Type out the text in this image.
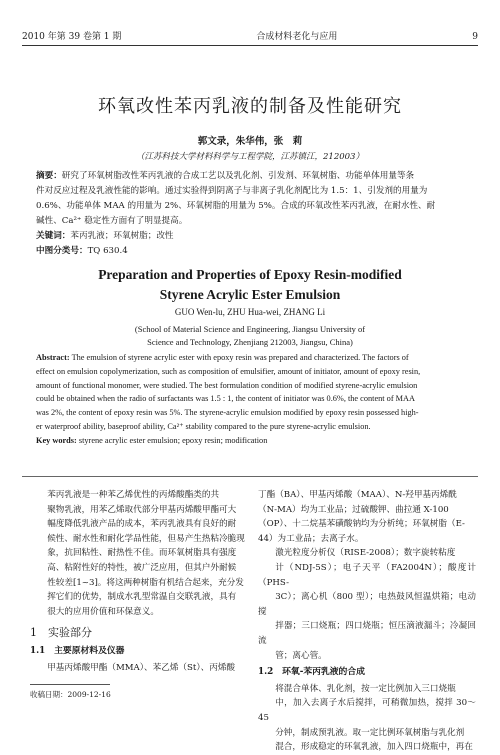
2010 年第 39 卷第 1 期	合成材料老化与应用	9
环氧改性苯丙乳液的制备及性能研究
郭文录，朱华伟，张　莉
（江苏科技大学材料科学与工程学院，江苏镇江，212003）
摘要：研究了环氧树脂改性苯丙乳液的合成工艺以及乳化剂、引发剂、环氧树脂、功能单体用量等条
件对反应过程及乳液性能的影响。通过实验得到阴离子与非离子乳化剂配比为 1.5：1、引发剂的用量为
0.6%、功能单体 MAA 的用量为 2%、环氧树脂的用量为 5%。合成的环氧改性苯丙乳液，在耐水性、耐
碱性、Ca²⁺ 稳定性方面有了明显提高。
关键词：苯丙乳液；环氧树脂；改性
中图分类号：TQ 630.4
Preparation and Properties of Epoxy Resin-modified
Styrene Acrylic Ester Emulsion
GUO Wen-lu, ZHU Hua-wei, ZHANG Li
(School of Material Science and Engineering, Jiangsu University of
Science and Technology, Zhenjiang 212003, Jiangsu, China)
Abstract: The emulsion of styrene acrylic ester with epoxy resin was prepared and characterized. The factors of
effect on emulsion copolymerization, such as composition of emulsifier, amount of initiator, amount of epoxy resin,
amount of functional monomer, were studied. The best formulation condition of modified styrene-acrylic emulsion
could be obtained when the radio of surfactants was 1.5 : 1, the content of initiator was 0.6%, the content of MAA
was 2%, the content of epoxy resin was 5%. The styrene-acrylic emulsion modified by epoxy resin possessed high-
er waterproof ability, baseproof ability, Ca²⁺ stability compared to the pure styrene-acrylic emulsion.
Key words: styrene acrylic ester emulsion; epoxy resin; modification
苯丙乳液是一种苯乙烯优性的丙烯酸酯类的共
聚物乳液，用苯乙烯取代部分甲基丙烯酸甲酯可大
幅度降低乳液产品的成本，苯丙乳液具有良好的耐
候性、耐水性和耐化学品性能，但易产生热粘冷脆现
象，抗回粘性、耐热性不佳。而环氧树脂具有强度
高、粘附性好的特性，被广泛应用，但其户外耐候
性较差[1~3]。将这两种树脂有机结合起来，充分发
挥它们的优势，制成水乳型常温自交联乳液，具有
很大的应用价值和环保意义。
1　实验部分
1.1　主要原材料及仪器
甲基丙烯酸甲酯（MMA）、苯乙烯（St）、丙烯酸
丁酯（BA）、甲基丙烯酸（MAA）、N-羟甲基丙烯酰
（N-MA）均为工业品；过硫酸钾、曲拉通 X-100
（OP）、十二烷基苯磺酸钠均为分析纯；环氧树脂（E-
44）为工业品；去离子水。
激光粒度分析仪（RISE-2008）；数字旋转粘度
计（NDJ-5S）；电子天平（FA2004N）；酸度计（PHS-
3C）；离心机（800 型）；电热鼓风恒温烘箱；电动搅
拌器；三口烧瓶；四口烧瓶；恒压滴液漏斗；冷凝回流
管；离心管。
1.2　环氧-苯丙乳液的合成
将混合单体、乳化剂，按一定比例加入三口烧瓶
中，加入去离子水后搅拌，可稍微加热，搅拌 30～45
分钟，制成预乳液。取一定比例环氧树脂与乳化剂
混合，形成稳定的环氧乳液，加入四口烧瓶中，再在
收稿日期：2009-12-16
